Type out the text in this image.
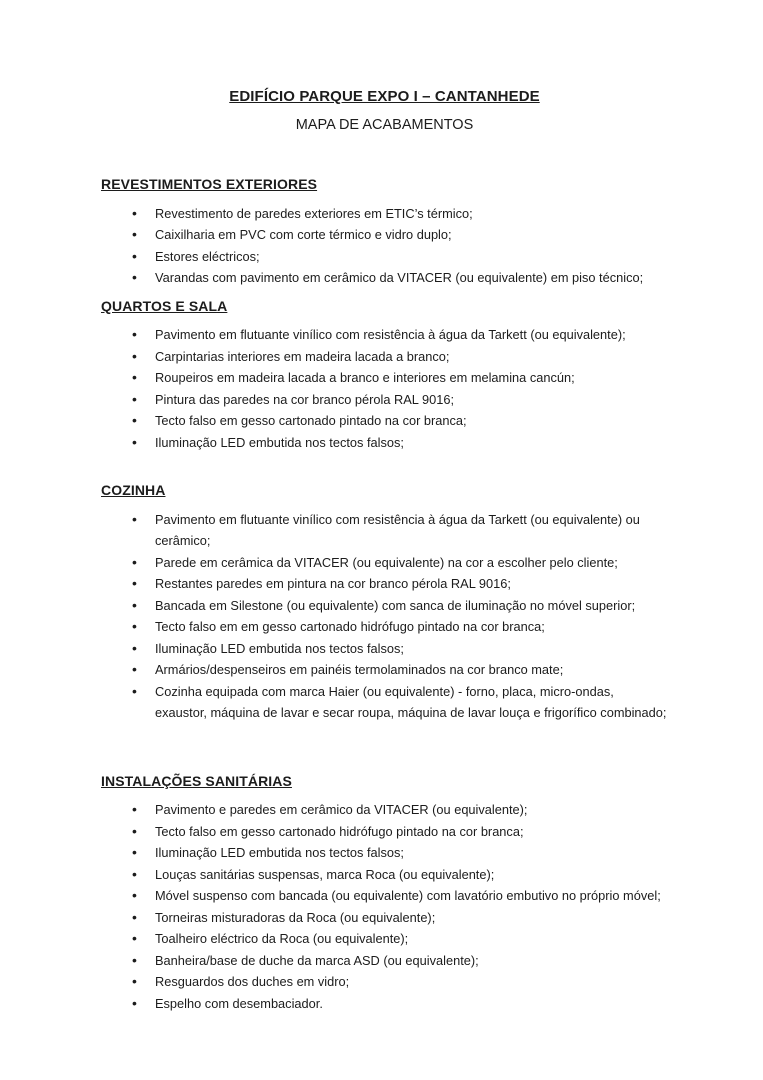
EDIFÍCIO PARQUE EXPO I – CANTANHEDE
MAPA DE ACABAMENTOS
REVESTIMENTOS EXTERIORES
• Revestimento de paredes exteriores em ETIC’s térmico;
• Caixilharia em PVC com corte térmico e vidro duplo;
• Estores eléctricos;
• Varandas com pavimento em cerâmico da VITACER (ou equivalente) em piso técnico;
QUARTOS E SALA
• Pavimento em flutuante vinílico com resistência à água da Tarkett (ou equivalente);
• Carpintarias interiores em madeira lacada a branco;
• Roupeiros em madeira lacada a branco e interiores em melamina cancún;
• Pintura das paredes na cor branco pérola RAL 9016;
• Tecto falso em gesso cartonado pintado na cor branca;
• Iluminação LED embutida nos tectos falsos;
COZINHA
• Pavimento em flutuante vinílico com resistência à água da Tarkett (ou equivalente) ou cerâmico;
• Parede em cerâmica da VITACER (ou equivalente) na cor a escolher pelo cliente;
• Restantes paredes em pintura na cor branco pérola RAL 9016;
• Bancada em Silestone (ou equivalente) com sanca de iluminação no móvel superior;
• Tecto falso em em gesso cartonado hidrófugo pintado na cor branca;
• Iluminação LED embutida nos tectos falsos;
• Armários/despenseiros em painéis termolaminados na cor branco mate;
• Cozinha equipada com marca Haier (ou equivalente) - forno, placa, micro-ondas, exaustor, máquina de lavar e secar roupa, máquina de lavar louça e frigorífico combinado;
INSTALAÇÕES SANITÁRIAS
• Pavimento e paredes em cerâmico da VITACER (ou equivalente);
• Tecto falso em gesso cartonado hidrófugo pintado na cor branca;
• Iluminação LED embutida nos tectos falsos;
• Louças sanitárias suspensas, marca Roca (ou equivalente);
• Móvel suspenso com bancada (ou equivalente) com lavatório embutivo no próprio móvel;
• Torneiras misturadoras da Roca (ou equivalente);
• Toalheiro eléctrico da Roca (ou equivalente);
• Banheira/base de duche da marca ASD (ou equivalente);
• Resguardos dos duches em vidro;
• Espelho com desembaciador.
